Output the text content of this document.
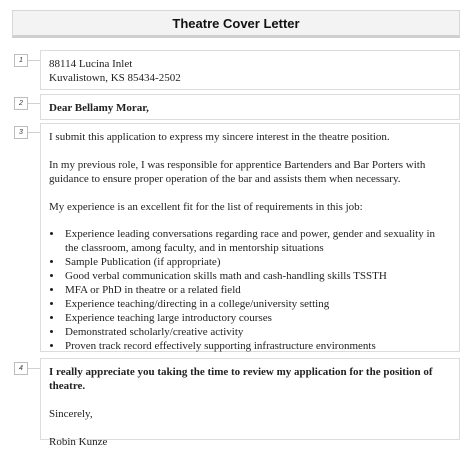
Theatre Cover Letter
1	88114 Lucina Inlet
Kuvalistown, KS 85434-2502
2	Dear Bellamy Morar,
3	I submit this application to express my sincere interest in the theatre position.

In my previous role, I was responsible for apprentice Bartenders and Bar Porters with guidance to ensure proper operation of the bar and assists them when necessary.

My experience is an excellent fit for the list of requirements in this job:

• Experience leading conversations regarding race and power, gender and sexuality in the classroom, among faculty, and in mentorship situations
• Sample Publication (if appropriate)
• Good verbal communication skills math and cash-handling skills TSSTH
• MFA or PhD in theatre or a related field
• Experience teaching/directing in a college/university setting
• Experience teaching large introductory courses
• Demonstrated scholarly/creative activity
• Proven track record effectively supporting infrastructure environments
4	I really appreciate you taking the time to review my application for the position of theatre.

Sincerely,

Robin Kunze
